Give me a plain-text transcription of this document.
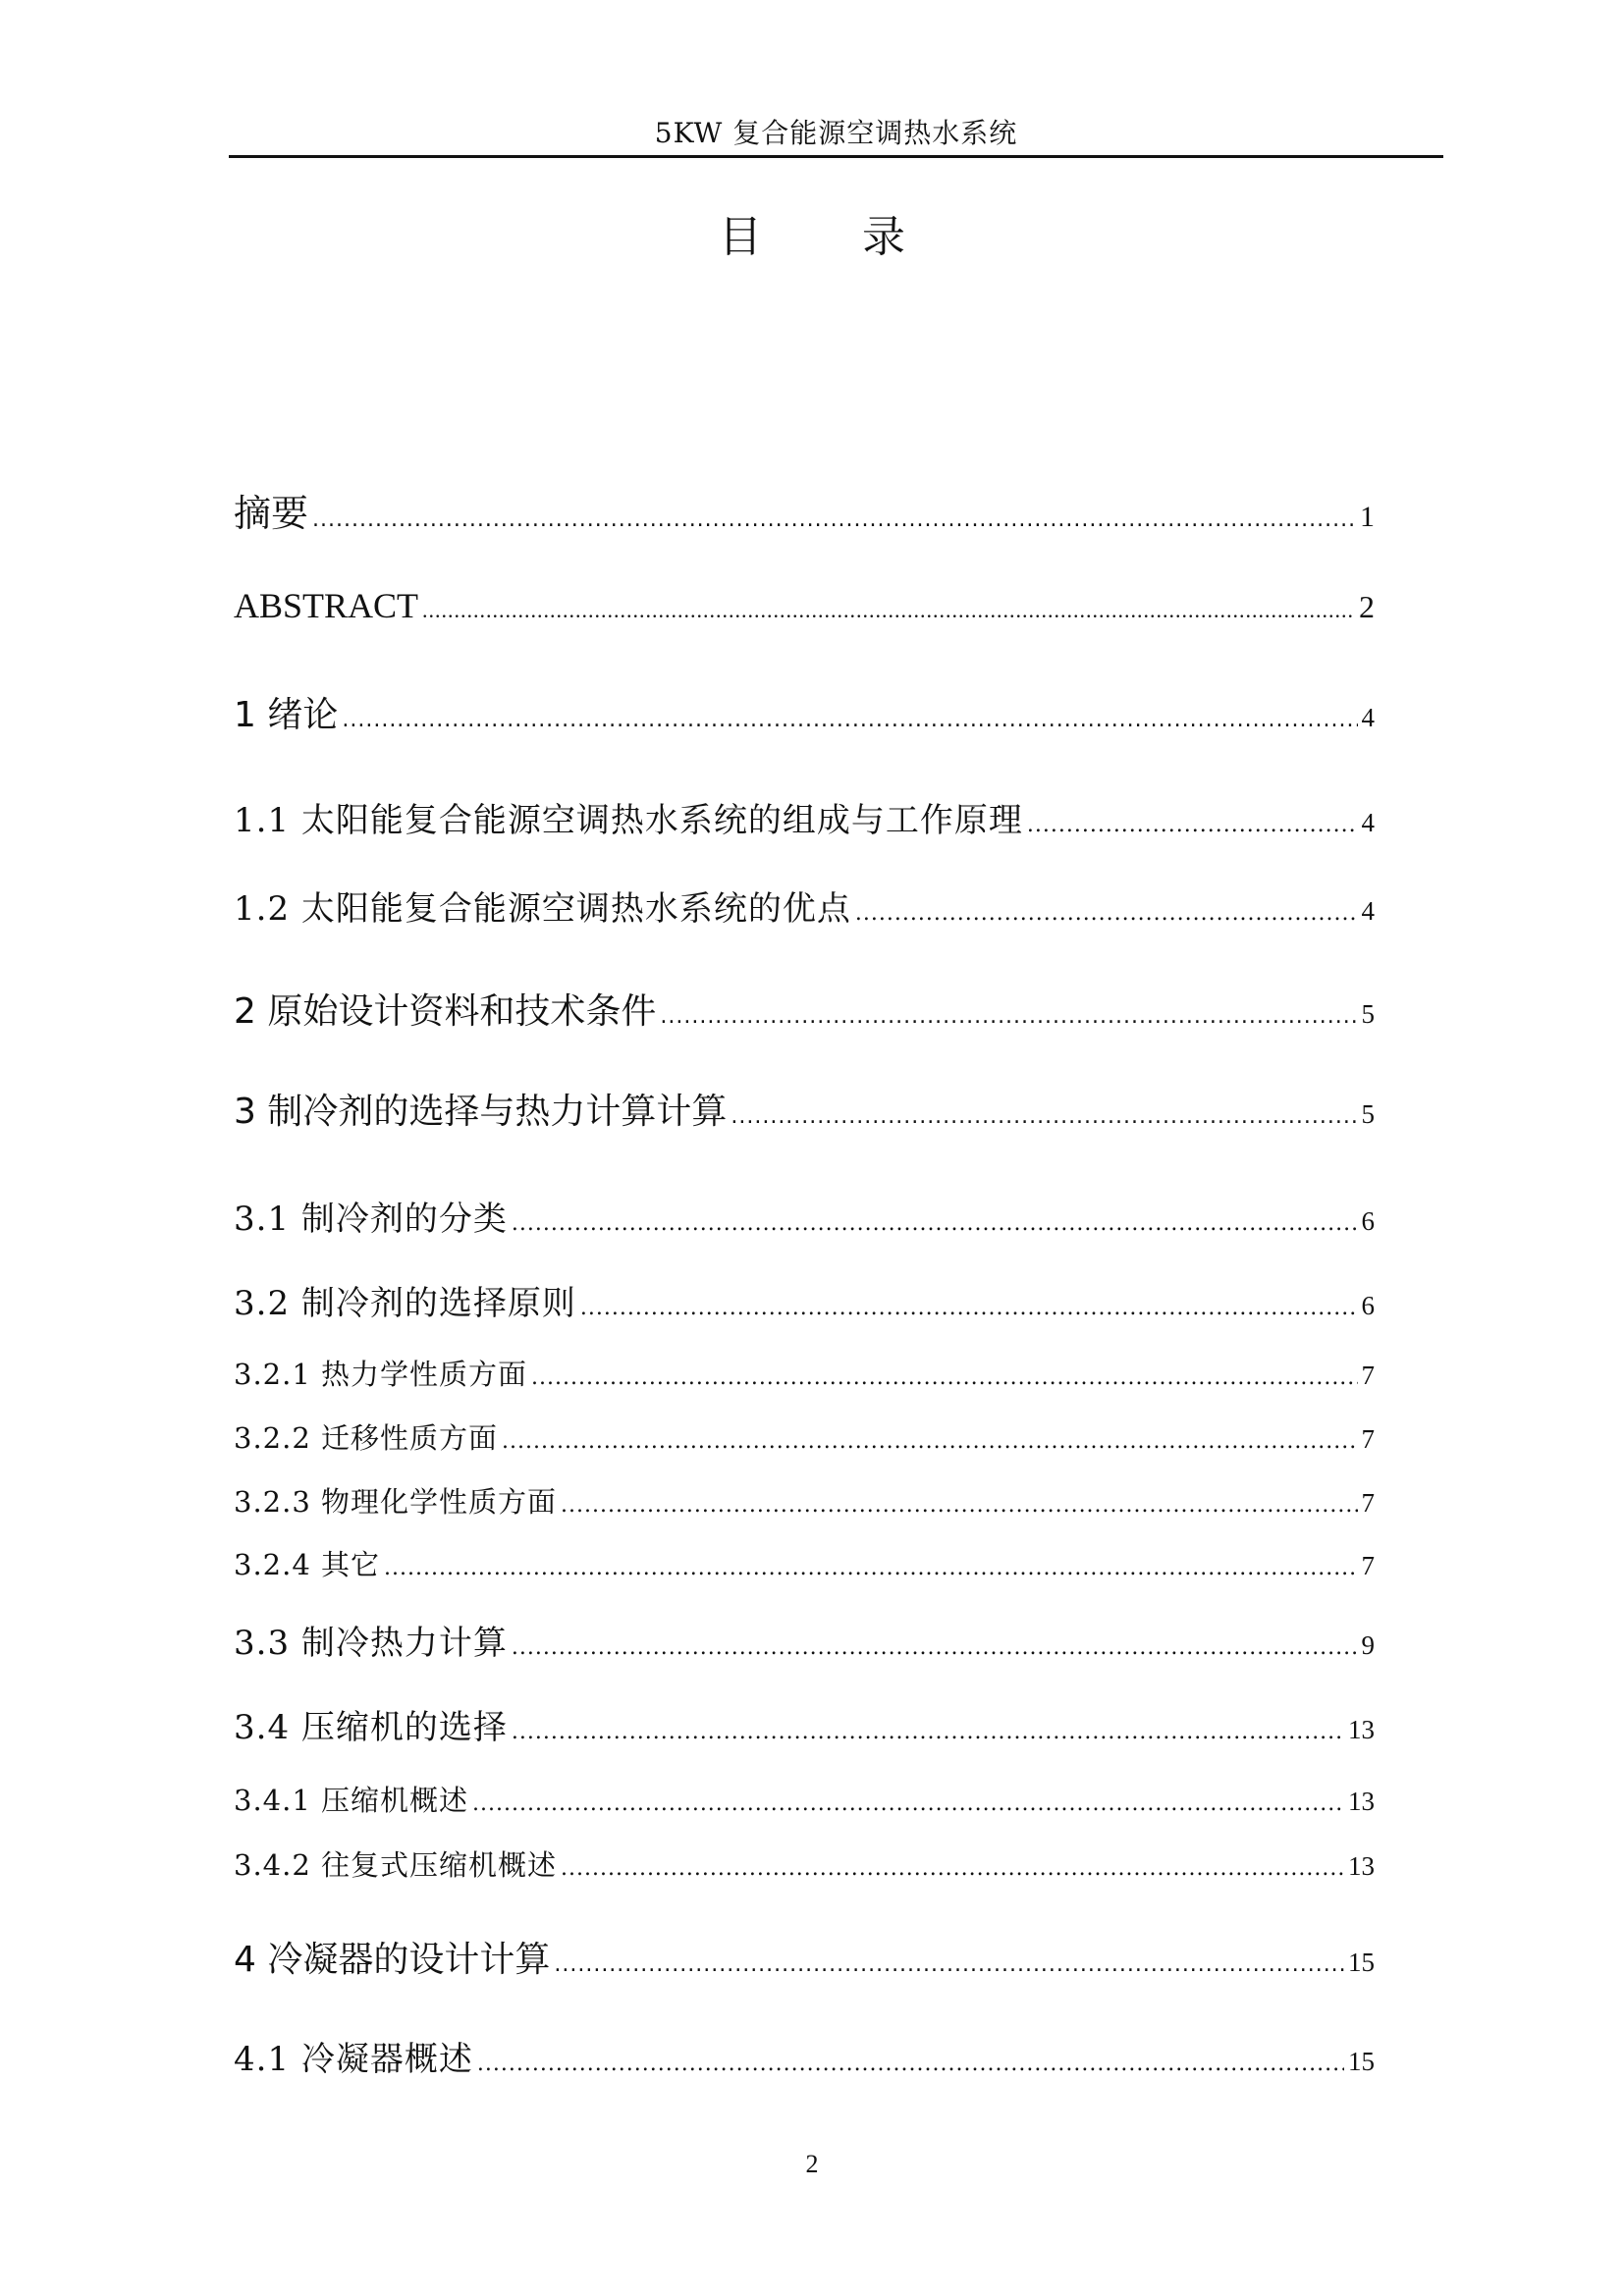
5KW 复合能源空调热水系统
目 录
摘要 .....	1
ABSTRACT .....	2
1 绪论 .....	4
1.1 太阳能复合能源空调热水系统的组成与工作原理 .....	4
1.2 太阳能复合能源空调热水系统的优点 .....	4
2 原始设计资料和技术条件 .....	5
3 制冷剂的选择与热力计算计算 .....	5
3.1 制冷剂的分类 .....	6
3.2 制冷剂的选择原则 .....	6
3.2.1 热力学性质方面 .....	7
3.2.2 迁移性质方面 .....	7
3.2.3 物理化学性质方面 .....	7
3.2.4 其它 .....	7
3.3 制冷热力计算 .....	9
3.4 压缩机的选择 .....	13
3.4.1 压缩机概述 .....	13
3.4.2 往复式压缩机概述 .....	13
4 冷凝器的设计计算 .....	15
4.1 冷凝器概述 .....	15
2
